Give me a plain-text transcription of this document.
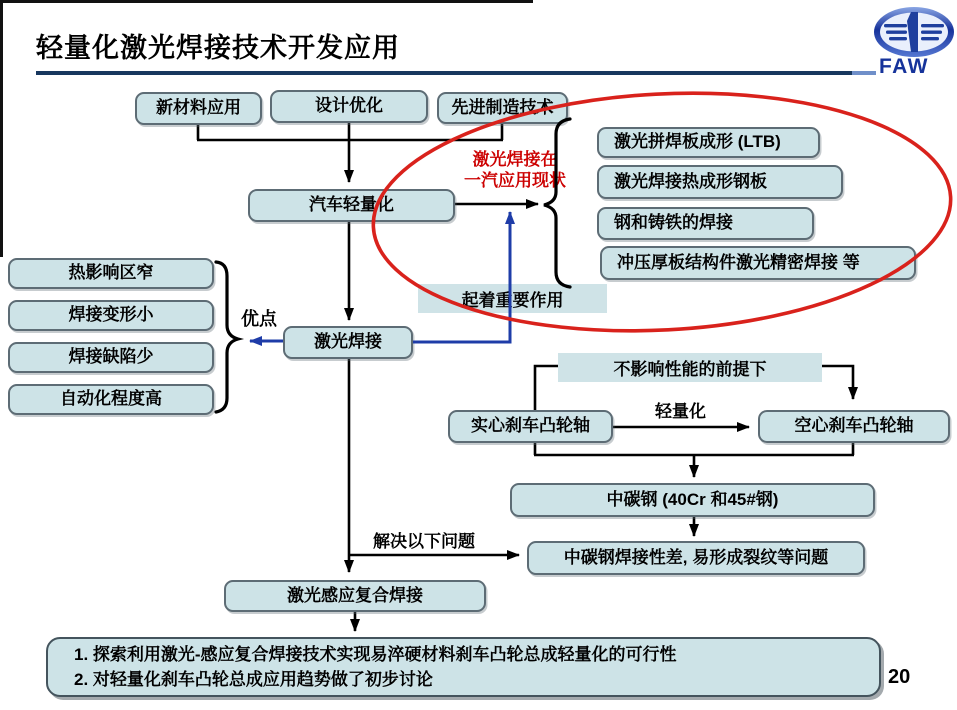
轻量化激光焊接技术开发应用
FAW
新材料应用	设计优化	先进制造技术
汽车轻量化
激光焊接
激光感应复合焊接
激光焊接在
一汽应用现状
激光拼焊板成形 (LTB)
激光焊接热成形钢板
钢和铸铁的焊接
冲压厚板结构件激光精密焊接 等
热影响区窄
焊接变形小
焊接缺陷少
自动化程度高
优点
起着重要作用
不影响性能的前提下
实心刹车凸轮轴	空心刹车凸轮轴
轻量化
中碳钢 (40Cr 和45#钢)
中碳钢焊接性差, 易形成裂纹等问题
解决以下问题
1. 探索利用激光-感应复合焊接技术实现易淬硬材料刹车凸轮总成轻量化的可行性
2. 对轻量化刹车凸轮总成应用趋势做了初步讨论	20
